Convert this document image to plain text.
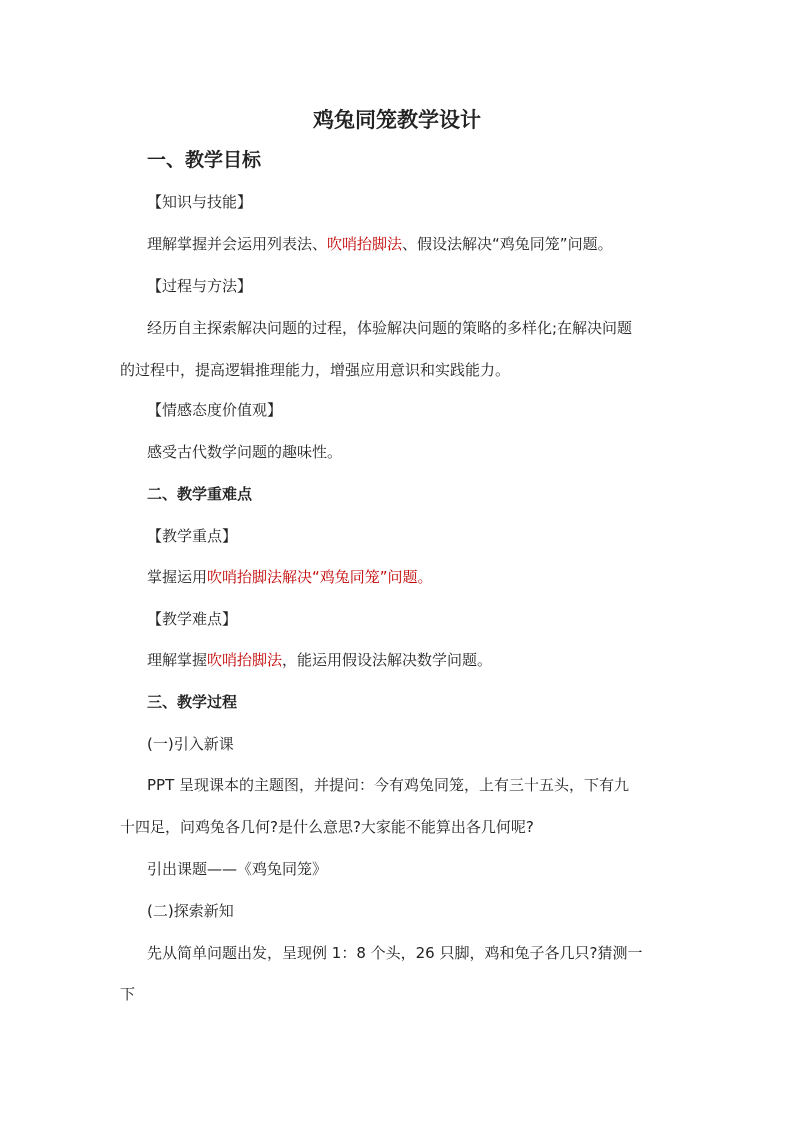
鸡兔同笼教学设计
一、教学目标
【知识与技能】
理解掌握并会运用列表法、吹哨抬脚法、假设法解决“鸡兔同笼”问题。
【过程与方法】
经历自主探索解决问题的过程，体验解决问题的策略的多样化;在解决问题
的过程中，提高逻辑推理能力，增强应用意识和实践能力。
【情感态度价值观】
感受古代数学问题的趣味性。
二、教学重难点
【教学重点】
掌握运用吹哨抬脚法解决“鸡兔同笼”问题。
【教学难点】
理解掌握吹哨抬脚法，能运用假设法解决数学问题。
三、教学过程
(一)引入新课
PPT 呈现课本的主题图，并提问：今有鸡兔同笼，上有三十五头，下有九
十四足，问鸡兔各几何?是什么意思?大家能不能算出各几何呢?
引出课题——《鸡兔同笼》
(二)探索新知
先从简单问题出发，呈现例 1：8 个头，26 只脚，鸡和兔子各几只?猜测一
下
